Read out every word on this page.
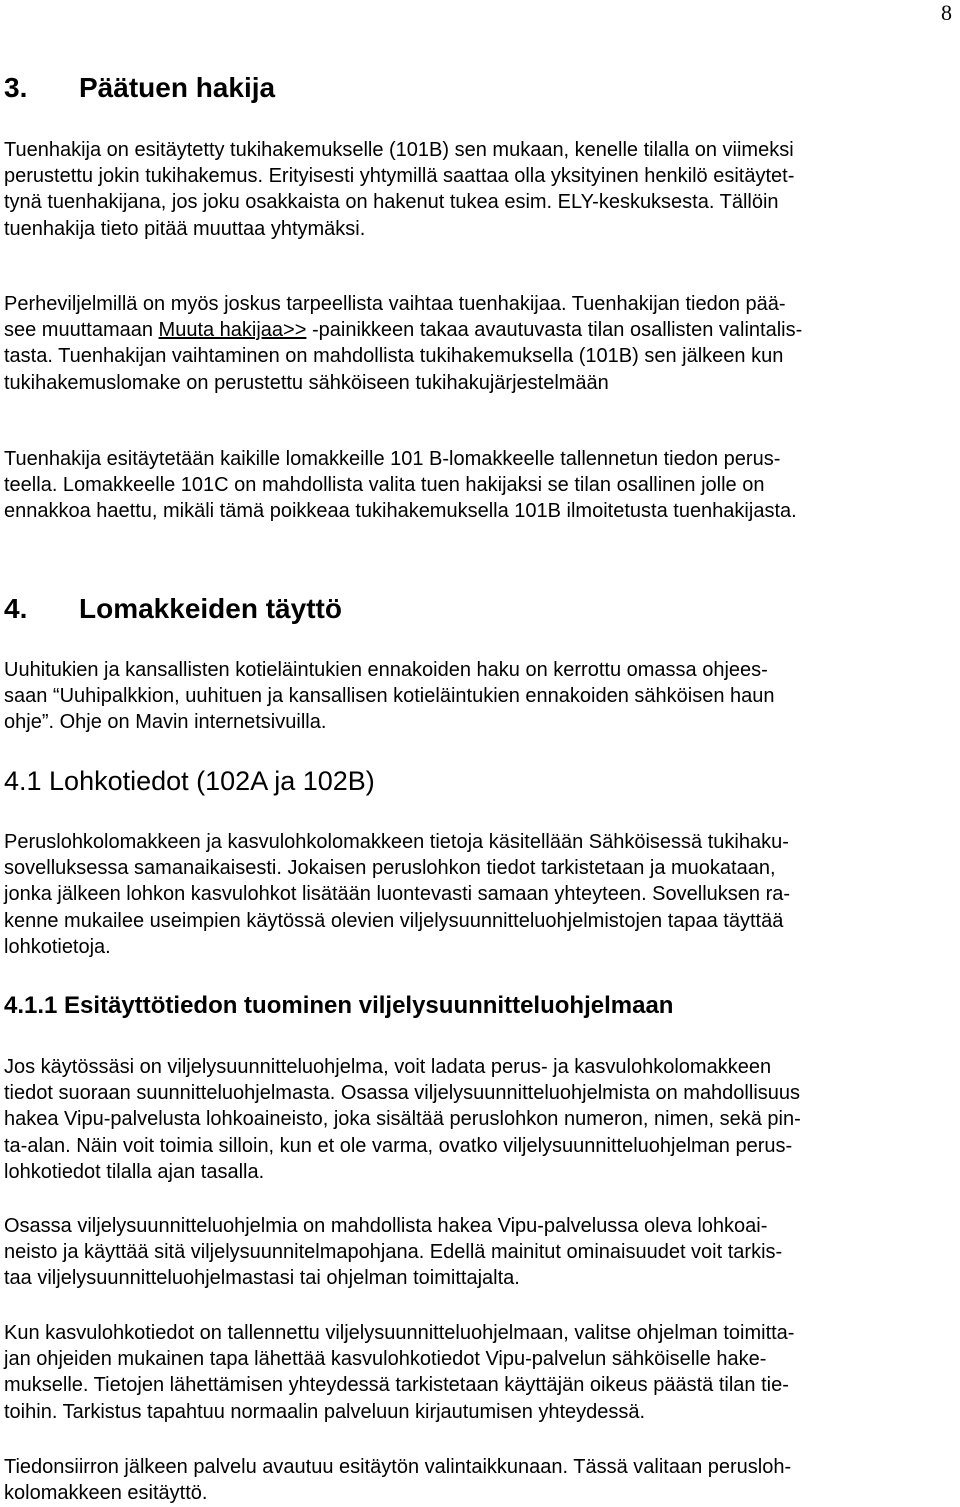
8
3. Päätuen hakija
Tuenhakija on esitäytetty tukihakemukselle (101B) sen mukaan, kenelle tilalla on viimeksi
perustettu jokin tukihakemus. Erityisesti yhtymillä saattaa olla yksityinen henkilö esitäytet-
tynä tuenhakijana, jos joku osakkaista on hakenut tukea esim. ELY-keskuksesta. Tällöin
tuenhakija tieto pitää muuttaa yhtymäksi.
Perheviljelmillä on myös joskus tarpeellista vaihtaa tuenhakijaa. Tuenhakijan tiedon pää-
see muuttamaan Muuta hakijaa>> -painikkeen takaa avautuvasta tilan osallisten valintalis-
tasta. Tuenhakijan vaihtaminen on mahdollista tukihakemuksella (101B) sen jälkeen kun
tukihakemuslomake on perustettu sähköiseen tukihakujärjestelmään
Tuenhakija esitäytetään kaikille lomakkeille 101 B-lomakkeelle tallennetun tiedon perus-
teella. Lomakkeelle 101C on mahdollista valita tuen hakijaksi se tilan osallinen jolle on
ennakkoa haettu, mikäli tämä poikkeaa tukihakemuksella 101B ilmoitetusta tuenhakijasta.
4. Lomakkeiden täyttö
Uuhitukien ja kansallisten kotieläintukien ennakoiden haku on kerrottu omassa ohjees-
saan “Uuhipalkkion, uuhituen ja kansallisen kotieläintukien ennakoiden sähköisen haun
ohje”. Ohje on Mavin internetsivuilla.
4.1 Lohkotiedot (102A ja 102B)
Peruslohkolomakkeen ja kasvulohkolomakkeen tietoja käsitellään Sähköisessä tukihaku-
sovelluksessa samanaikaisesti. Jokaisen peruslohkon tiedot tarkistetaan ja muokataan,
jonka jälkeen lohkon kasvulohkot lisätään luontevasti samaan yhteyteen. Sovelluksen ra-
kenne mukailee useimpien käytössä olevien viljelysuunnitteluohjelmistojen tapaa täyttää
lohkotietoja.
4.1.1 Esitäyttötiedon tuominen viljelysuunnitteluohjelmaan
Jos käytössäsi on viljelysuunnitteluohjelma, voit ladata perus- ja kasvulohkolomakkeen
tiedot suoraan suunnitteluohjelmasta. Osassa viljelysuunnitteluohjelmista on mahdollisuus
hakea Vipu-palvelusta lohkoaineisto, joka sisältää peruslohkon numeron, nimen, sekä pin-
ta-alan. Näin voit toimia silloin, kun et ole varma, ovatko viljelysuunnitteluohjelman perus-
lohkotiedot tilalla ajan tasalla.
Osassa viljelysuunnitteluohjelmia on mahdollista hakea Vipu-palvelussa oleva lohkoai-
neisto ja käyttää sitä viljelysuunnitelmapohjana. Edellä mainitut ominaisuudet voit tarkis-
taa viljelysuunnitteluohjelmastasi tai ohjelman toimittajalta.
Kun kasvulohkotiedot on tallennettu viljelysuunnitteluohjelmaan, valitse ohjelman toimitta-
jan ohjeiden mukainen tapa lähettää kasvulohkotiedot Vipu-palvelun sähköiselle hake-
mukselle. Tietojen lähettämisen yhteydessä tarkistetaan käyttäjän oikeus päästä tilan tie-
toihin. Tarkistus tapahtuu normaalin palveluun kirjautumisen yhteydessä.
Tiedonsiirron jälkeen palvelu avautuu esitäytön valintaikkunaan. Tässä valitaan perusloh-
kolomakkeen esitäyttö.
